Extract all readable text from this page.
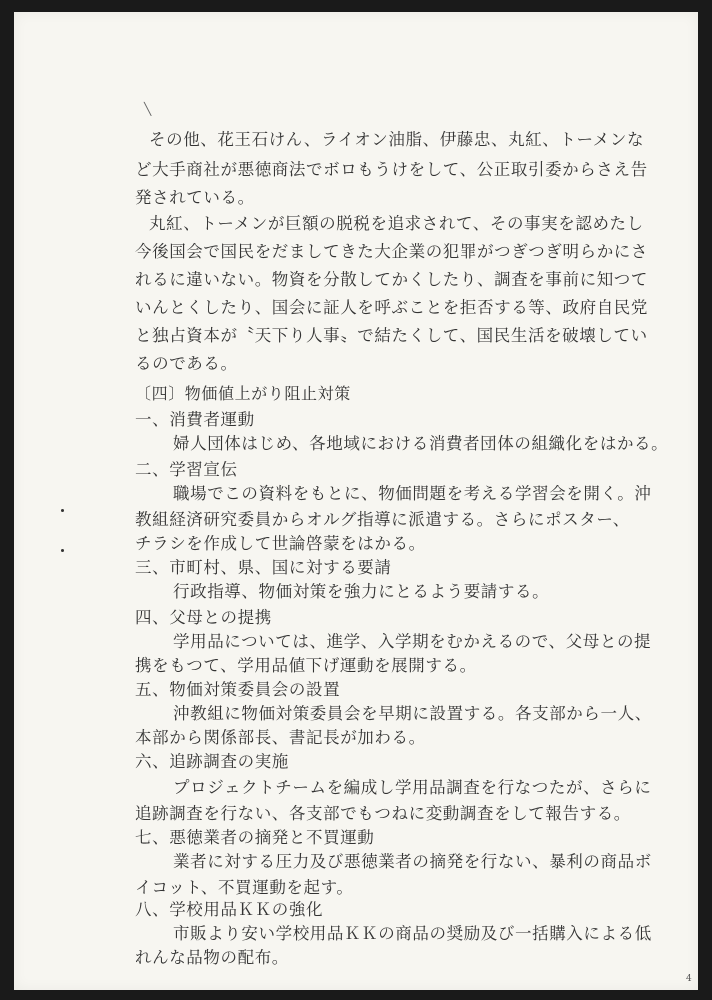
╲
その他、花王石けん、ライオン油脂、伊藤忠、丸紅、トーメンな
ど大手商社が悪徳商法でボロもうけをして、公正取引委からさえ告
発されている。
丸紅、トーメンが巨額の脱税を追求されて、その事実を認めたし
今後国会で国民をだましてきた大企業の犯罪がつぎつぎ明らかにさ
れるに違いない。物資を分散してかくしたり、調査を事前に知つて
いんとくしたり、国会に証人を呼ぶことを拒否する等、政府自民党
と独占資本が〝天下り人事〟で結たくして、国民生活を破壊してい
るのである。
〔四〕物価値上がり阻止対策
一、消費者運動
婦人団体はじめ、各地域における消費者団体の組織化をはかる。
二、学習宣伝
職場でこの資料をもとに、物価問題を考える学習会を開く。沖
教組経済研究委員からオルグ指導に派遣する。さらにポスター、
チラシを作成して世論啓蒙をはかる。
三、市町村、県、国に対する要請
行政指導、物価対策を強力にとるよう要請する。
四、父母との提携
学用品については、進学、入学期をむかえるので、父母との提
携をもつて、学用品値下げ運動を展開する。
五、物価対策委員会の設置
沖教組に物価対策委員会を早期に設置する。各支部から一人、
本部から関係部長、書記長が加わる。
六、追跡調査の実施
プロジェクトチームを編成し学用品調査を行なつたが、さらに
追跡調査を行ない、各支部でもつねに変動調査をして報告する。
七、悪徳業者の摘発と不買運動
業者に対する圧力及び悪徳業者の摘発を行ない、暴利の商品ボ
イコット、不買運動を起す。
八、学校用品ＫＫの強化
市販より安い学校用品ＫＫの商品の奨励及び一括購入による低
れんな品物の配布。
4
